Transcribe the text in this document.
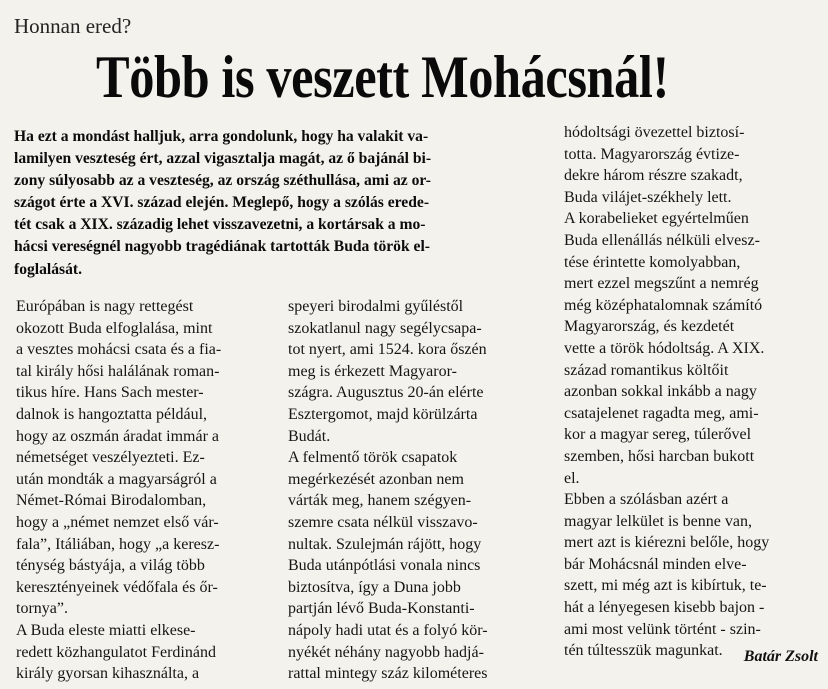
Honnan ered?
Több is veszett Mohácsnál!
Ha ezt a mondást halljuk, arra gondolunk, hogy ha valakit va-
lamilyen veszteség ért, azzal vigasztalja magát, az ő bajánál bi-
zony súlyosabb az a veszteség, az ország széthullása, ami az or-
szágot érte a XVI. század elején. Meglepő, hogy a szólás erede-
tét csak a XIX. századig lehet visszavezetni, a kortársak a mo-
hácsi vereségnél nagyobb tragédiának tartották Buda török el-
foglalását.
Európában is nagy rettegést
okozott Buda elfoglalása, mint
a vesztes mohácsi csata és a fia-
tal király hősi halálának roman-
tikus híre. Hans Sach mester-
dalnok is hangoztatta például,
hogy az oszmán áradat immár a
németséget veszélyezteti. Ez-
után mondták a magyarságról a
Német-Római Birodalomban,
hogy a „német nemzet első vár-
fala”, Itáliában, hogy „a keresz-
ténység bástyája, a világ több
keresztényeinek védőfala és őr-
tornya”.
A Buda eleste miatti elkese-
redett közhangulatot Ferdinánd
király gyorsan kihasználta, a
speyeri birodalmi gyűléstől
szokatlanul nagy segélycsapa-
tot nyert, ami 1524. kora őszén
meg is érkezett Magyaror-
szágra. Augusztus 20-án elérte
Esztergomot, majd körülzárta
Budát.
A felmentő török csapatok
megérkezését azonban nem
várták meg, hanem szégyen-
szemre csata nélkül visszavo-
nultak. Szulejmán rájött, hogy
Buda utánpótlási vonala nincs
biztosítva, így a Duna jobb
partján lévő Buda-Konstanti-
nápoly hadi utat és a folyó kör-
nyékét néhány nagyobb hadjá-
rattal mintegy száz kilométeres
hódoltsági övezettel biztosí-
totta. Magyarország évtize-
dekre három részre szakadt,
Buda vilájet-székhely lett.
A korabelieket egyértelműen
Buda ellenállás nélküli elvesz-
tése érintette komolyabban,
mert ezzel megszűnt a nemrég
még középhatalomnak számító
Magyarország, és kezdetét
vette a török hódoltság. A XIX.
század romantikus költőit
azonban sokkal inkább a nagy
csatajelenet ragadta meg, ami-
kor a magyar sereg, túlerővel
szemben, hősi harcban bukott
el.
Ebben a szólásban azért a
magyar lelkület is benne van,
mert azt is kiérezni belőle, hogy
bár Mohácsnál minden elve-
szett, mi még azt is kibírtuk, te-
hát a lényegesen kisebb bajon -
ami most velünk történt - szin-
tén túltesszük magunkat.	Batár Zsolt
